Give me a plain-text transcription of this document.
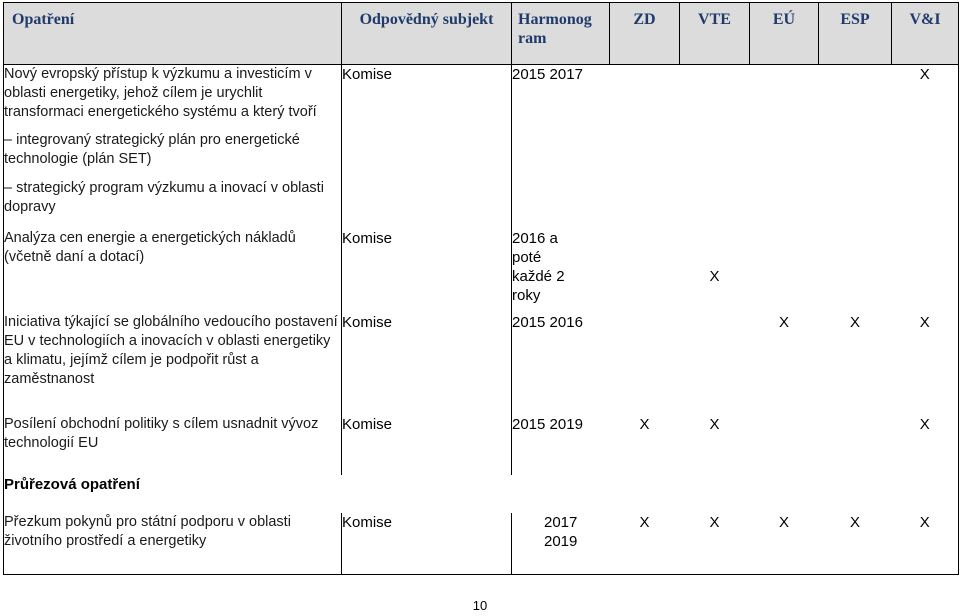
Opatření	Odpovědný subjekt	Harmonog ram	ZD	VTE	EÚ	ESP	V&I
Nový evropský přístup k výzkumu a investicím v oblasti energetiky, jehož cílem je urychlit transformaci energetického systému a který tvoří	Komise	2015 2017					X

– integrovaný strategický plán pro energetické technologie (plán SET)							

– strategický program výzkumu a inovací v oblasti dopravy							

Analýza cen energie a energetických nákladů (včetně daní a dotací)	Komise	2016 a poté každé 2 roky		X			
Iniciativa týkající se globálního vedoucího postavení EU v technologiích a inovacích v oblasti energetiky a klimatu, jejímž cílem je podpořit růst a zaměstnanost	Komise	2015 2016			X	X	X
Posílení obchodní politiky s cílem usnadnit vývoz technologií EU	Komise	2015 2019	X	X			X
Průřezová opatření							
Přezkum pokynů pro státní podporu v oblasti životního prostředí a energetiky	Komise	2017 2019	X	X	X	X	X
10
